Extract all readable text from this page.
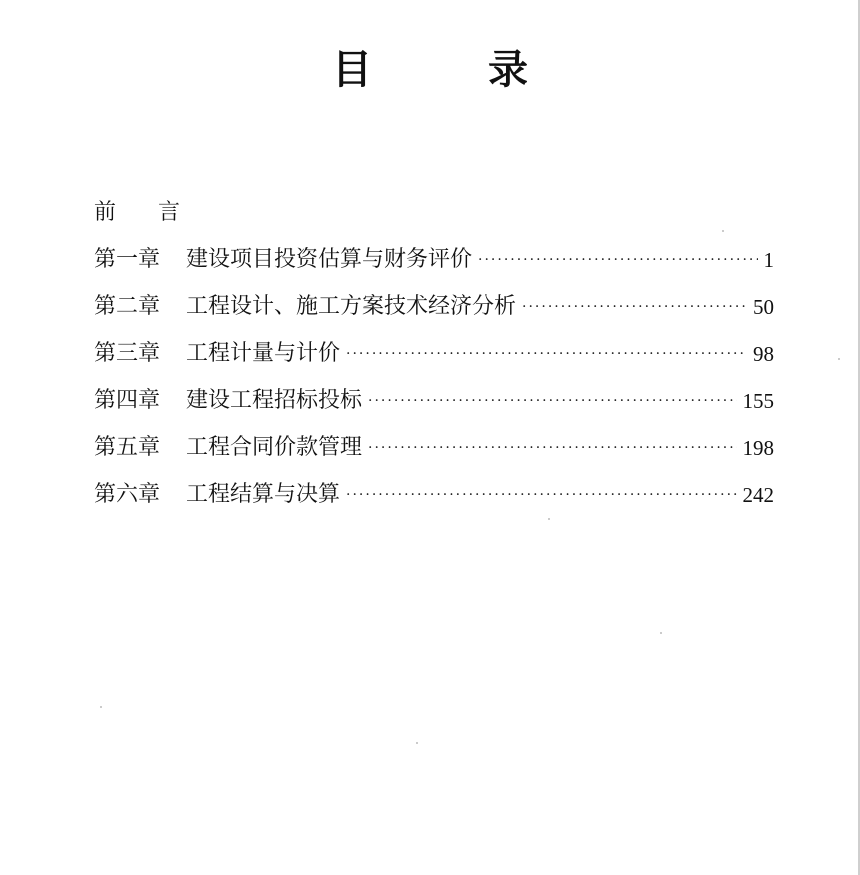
目　录
前　言
第一章	建设项目投资估算与财务评价 ·····	1
第二章	工程设计、施工方案技术经济分析 ·····	50
第三章	工程计量与计价 ·····	98
第四章	建设工程招标投标 ·····	155
第五章	工程合同价款管理 ·····	198
第六章	工程结算与决算 ·····	242
